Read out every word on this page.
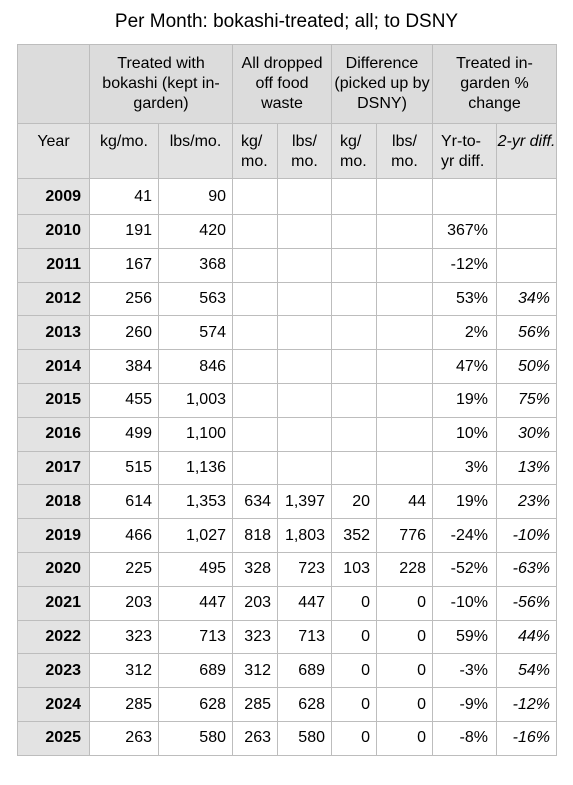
Per Month: bokashi-treated; all; to DSNY
	Treated with bokashi (kept in-garden)		All dropped off food waste		Difference (picked up by DSNY)		Treated in-garden % change	
Year	kg/mo.	lbs/mo.	kg/ mo.	lbs/ mo.	kg/ mo.	lbs/ mo.	Yr-to- yr diff.	2-yr diff.
2009	41	90						
2010	191	420					367%	
2011	167	368					-12%	
2012	256	563					53%	34%
2013	260	574					2%	56%
2014	384	846					47%	50%
2015	455	1,003					19%	75%
2016	499	1,100					10%	30%
2017	515	1,136					3%	13%
2018	614	1,353	634	1,397	20	44	19%	23%
2019	466	1,027	818	1,803	352	776	-24%	-10%
2020	225	495	328	723	103	228	-52%	-63%
2021	203	447	203	447	0	0	-10%	-56%
2022	323	713	323	713	0	0	59%	44%
2023	312	689	312	689	0	0	-3%	54%
2024	285	628	285	628	0	0	-9%	-12%
2025	263	580	263	580	0	0	-8%	-16%
